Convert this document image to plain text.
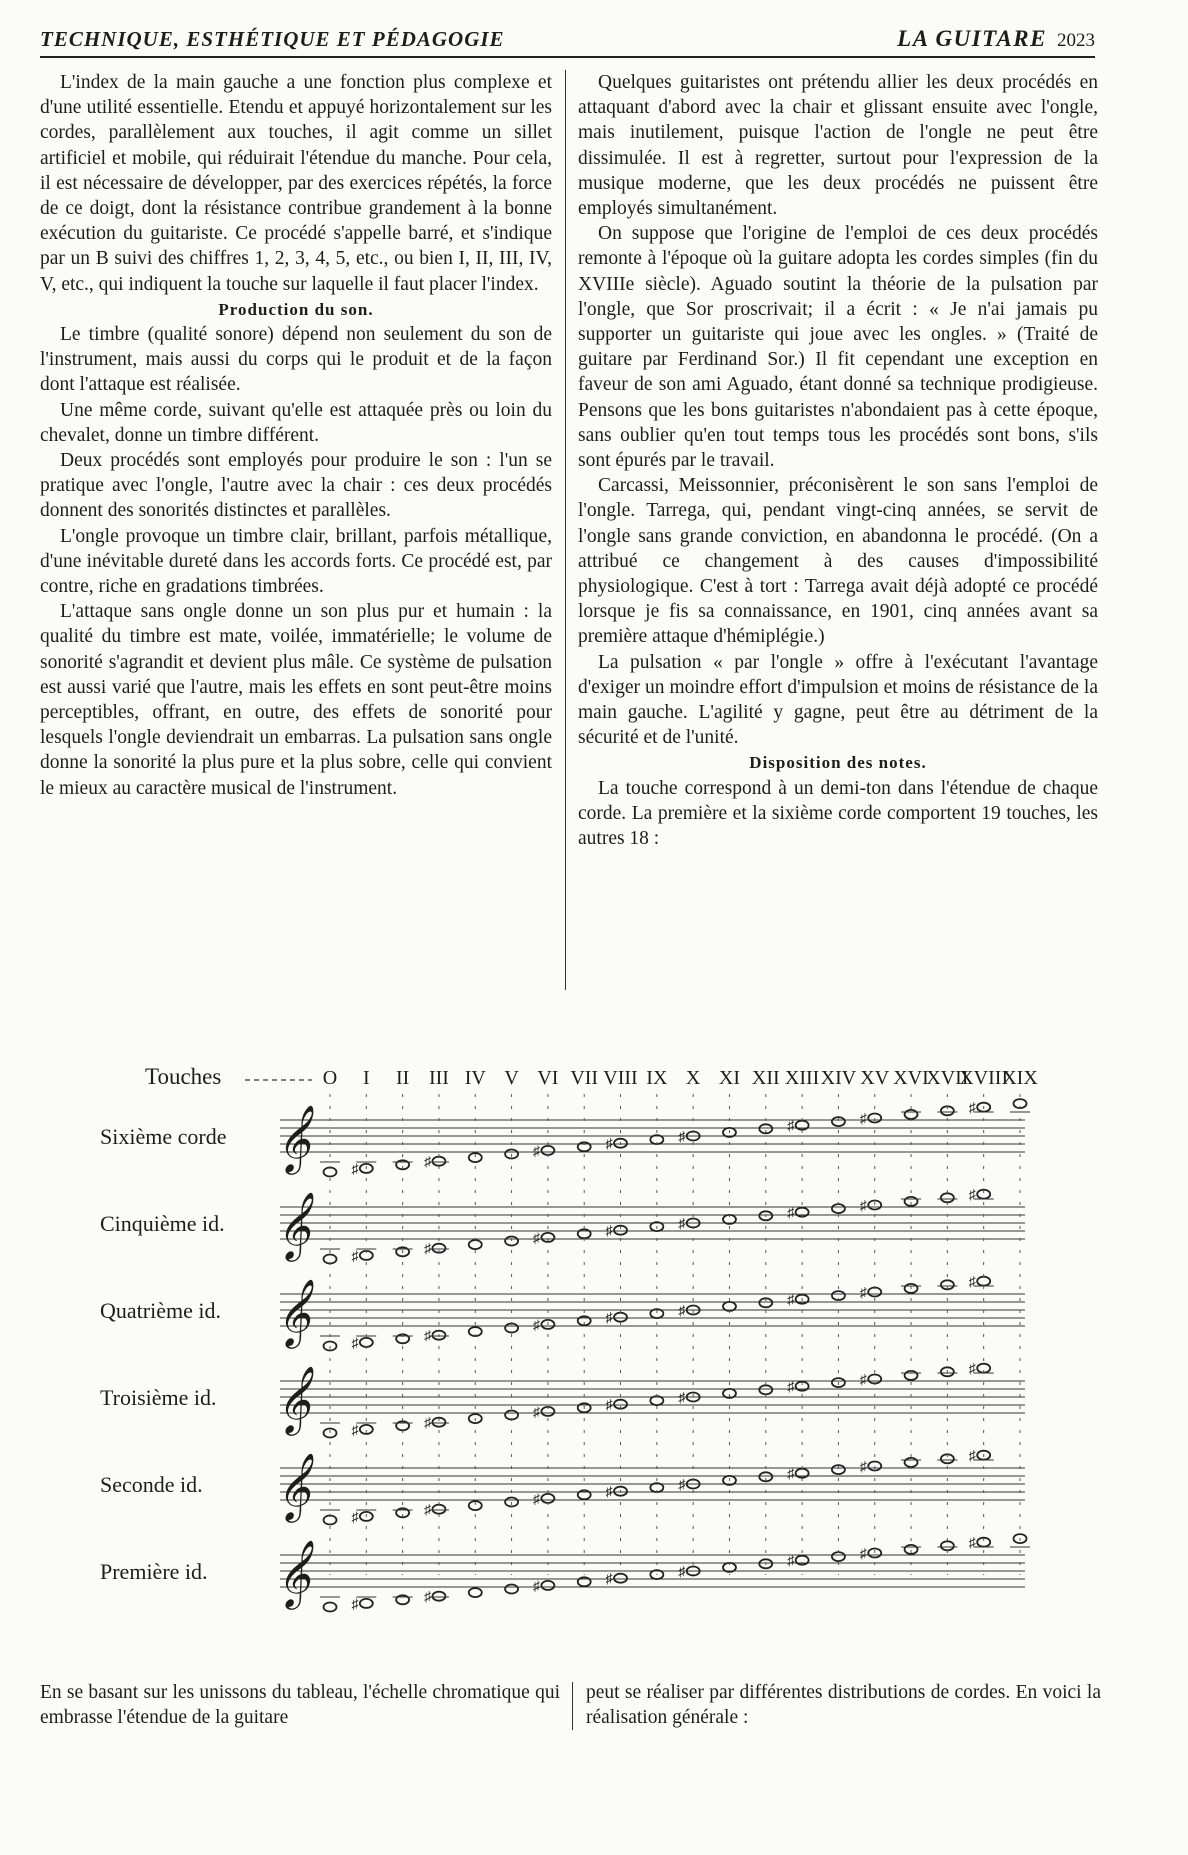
TECHNIQUE, ESTHÉTIQUE ET PÉDAGOGIE	LA GUITARE 2023

L'index de la main gauche a une fonction plus complexe et d'une utilité essentielle. Etendu et appuyé horizontalement sur les cordes, parallèlement aux touches, il agit comme un sillet artificiel et mobile, qui réduirait l'étendue du manche. Pour cela, il est nécessaire de développer, par des exercices répétés, la force de ce doigt, dont la résistance contribue grandement à la bonne exécution du guitariste. Ce procédé s'appelle barré, et s'indique par un B suivi des chiffres 1, 2, 3, 4, 5, etc., ou bien I, II, III, IV, V, etc., qui indiquent la touche sur laquelle il faut placer l'index.

Production du son.

Le timbre (qualité sonore) dépend non seulement du son de l'instrument, mais aussi du corps qui le produit et de la façon dont l'attaque est réalisée.

Une même corde, suivant qu'elle est attaquée près ou loin du chevalet, donne un timbre différent.

Deux procédés sont employés pour produire le son : l'un se pratique avec l'ongle, l'autre avec la chair : ces deux procédés donnent des sonorités distinctes et parallèles.

L'ongle provoque un timbre clair, brillant, parfois métallique, d'une inévitable dureté dans les accords forts. Ce procédé est, par contre, riche en gradations timbrées.

L'attaque sans ongle donne un son plus pur et humain : la qualité du timbre est mate, voilée, immatérielle; le volume de sonorité s'agrandit et devient plus mâle. Ce système de pulsation est aussi varié que l'autre, mais les effets en sont peut-être moins perceptibles, offrant, en outre, des effets de sonorité pour lesquels l'ongle deviendrait un embarras. La pulsation sans ongle donne la sonorité la plus pure et la plus sobre, celle qui convient le mieux au caractère musical de l'instrument.

Quelques guitaristes ont prétendu allier les deux procédés en attaquant d'abord avec la chair et glissant ensuite avec l'ongle, mais inutilement, puisque l'action de l'ongle ne peut être dissimulée. Il est à regretter, surtout pour l'expression de la musique moderne, que les deux procédés ne puissent être employés simultanément.

On suppose que l'origine de l'emploi de ces deux procédés remonte à l'époque où la guitare adopta les cordes simples (fin du XVIIIe siècle). Aguado soutint la théorie de la pulsation par l'ongle, que Sor proscrivait; il a écrit : « Je n'ai jamais pu supporter un guitariste qui joue avec les ongles. » (Traité de guitare par Ferdinand Sor.) Il fit cependant une exception en faveur de son ami Aguado, étant donné sa technique prodigieuse. Pensons que les bons guitaristes n'abondaient pas à cette époque, sans oublier qu'en tout temps tous les procédés sont bons, s'ils sont épurés par le travail.

Carcassi, Meissonnier, préconisèrent le son sans l'emploi de l'ongle. Tarrega, qui, pendant vingt-cinq années, se servit de l'ongle sans grande conviction, en abandonna le procédé. (On a attribué ce changement à des causes d'impossibilité physiologique. C'est à tort : Tarrega avait déjà adopté ce procédé lorsque je fis sa connaissance, en 1901, cinq années avant sa première attaque d'hémiplégie.)

La pulsation « par l'ongle » offre à l'exécutant l'avantage d'exiger un moindre effort d'impulsion et moins de résistance de la main gauche. L'agilité y gagne, peut être au détriment de la sécurité et de l'unité.

Disposition des notes.

La touche correspond à un demi-ton dans l'étendue de chaque corde. La première et la sixième corde comportent 19 touches, les autres 18 :

Touches	O I II III IV V VI VII VIII IX X XI XII XIII XIV XV XVI
XVII
XVIII
XIX
Sixième corde 𝄞	♯	♯
♯	♯	♯
♯	♯
♯
Cinquième id. 𝄞	♯	♯
♯	♯	♯
♯	♯
♯
Quatrième id. 𝄞	♯	♯
♯	♯	♯
♯	♯
♯
Troisième id. 𝄞	♯	♯
♯	♯	♯
♯	♯
♯
Seconde id. 𝄞	♯	♯
♯	♯	♯
♯	♯
♯
Première id. 𝄞	♯	♯
♯	♯	♯
♯	♯
♯
En se basant sur les unissons du tableau, l'échelle chromatique qui embrasse l'étendue de la guitare
peut se réaliser par différentes distributions de cordes. En voici la réalisation générale :
